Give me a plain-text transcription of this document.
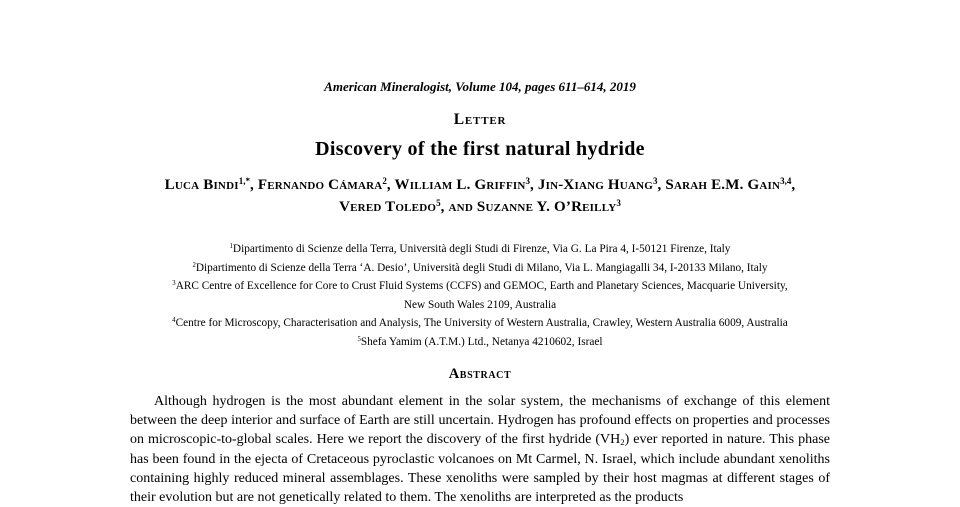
American Mineralogist, Volume 104, pages 611–614, 2019
Letter
Discovery of the first natural hydride
Luca Bindi$^{1,*}$, Fernando Cámara$^2$, William L. Griffin$^3$, Jin-Xiang Huang$^3$, Sarah E.M. Gain$^{3,4}$,
Vered Toledo$^5$, and Suzanne Y. O’Reilly$^3$
$^1$Dipartimento di Scienze della Terra, Università degli Studi di Firenze, Via G. La Pira 4, I-50121 Firenze, Italy
$^2$Dipartimento di Scienze della Terra ‘A. Desio’, Università degli Studi di Milano, Via L. Mangiagalli 34, I-20133 Milano, Italy
$^3$ARC Centre of Excellence for Core to Crust Fluid Systems (CCFS) and GEMOC, Earth and Planetary Sciences, Macquarie University,
New South Wales 2109, Australia
$^4$Centre for Microscopy, Characterisation and Analysis, The University of Western Australia, Crawley, Western Australia 6009, Australia
$^5$Shefa Yamim (A.T.M.) Ltd., Netanya 4210602, Israel
Abstract

Although hydrogen is the most abundant element in the solar system, the mechanisms of exchange of this element between the deep interior and surface of Earth are still uncertain. Hydrogen has profound effects on properties and processes on microscopic-to-global scales. Here we report the discovery of the first hydride (VH2) ever reported in nature. This phase has been found in the ejecta of Cretaceous pyroclastic volcanoes on Mt Carmel, N. Israel, which include abundant xenoliths containing highly reduced mineral assemblages. These xenoliths were sampled by their host magmas at different stages of their evolution but are not genetically related to them. The xenoliths are interpreted as the products
